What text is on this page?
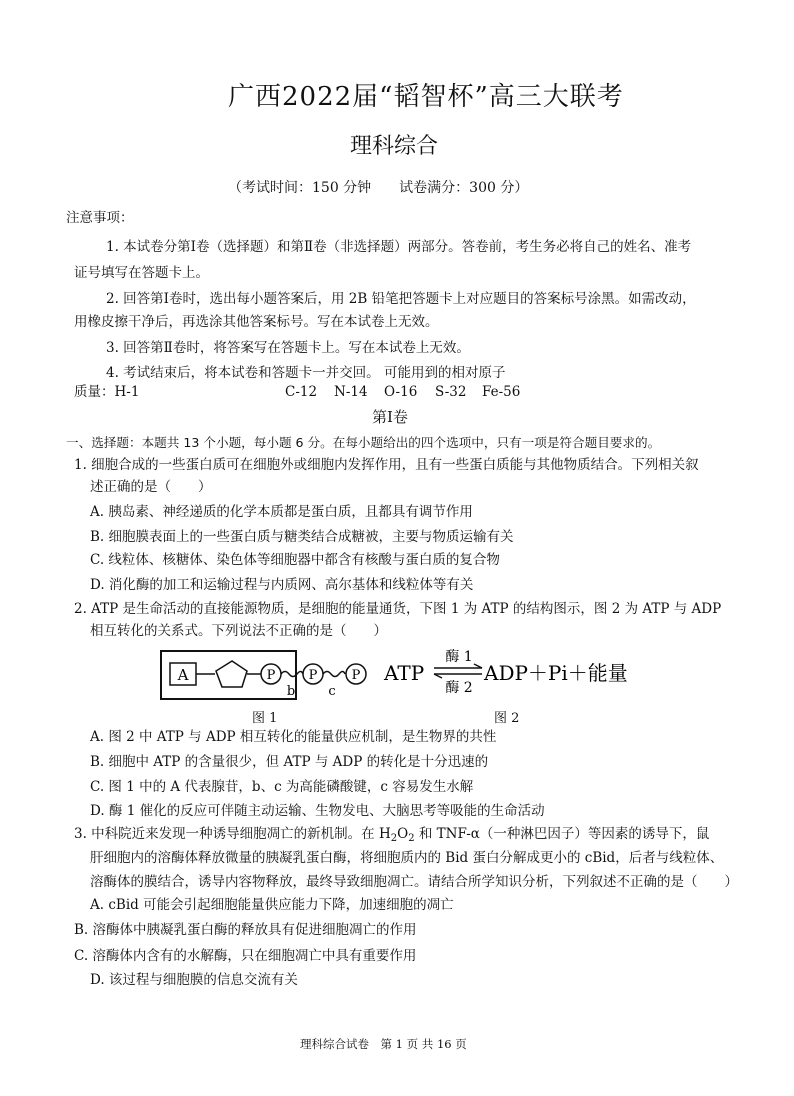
广西2022届“韬智杯”高三大联考
理科综合
（考试时间：150 分钟　　试卷满分：300 分）
注意事项：
1. 本试卷分第Ⅰ卷（选择题）和第Ⅱ卷（非选择题）两部分。答卷前，考生务必将自己的姓名、准考
证号填写在答题卡上。
2. 回答第Ⅰ卷时，选出每小题答案后，用 2B 铅笔把答题卡上对应题目的答案标号涂黑。如需改动，
用橡皮擦干净后，再选涂其他答案标号。写在本试卷上无效。
3. 回答第Ⅱ卷时，将答案写在答题卡上。写在本试卷上无效。
4. 考试结束后，将本试卷和答题卡一并交回。 可能用到的相对原子
质量：H-1	C-12 N-14 O-16 S-32 Fe-56
第Ⅰ卷
一、选择题：本题共 13 个小题，每小题 6 分。在每小题给出的四个选项中，只有一项是符合题目要求的。
1. 细胞合成的一些蛋白质可在细胞外或细胞内发挥作用，且有一些蛋白质能与其他物质结合。下列相关叙
述正确的是（　　）
A. 胰岛素、神经递质的化学本质都是蛋白质，且都具有调节作用
B. 细胞膜表面上的一些蛋白质与糖类结合成糖被，主要与物质运输有关
C. 线粒体、核糖体、染色体等细胞器中都含有核酸与蛋白质的复合物
D. 消化酶的加工和运输过程与内质网、高尔基体和线粒体等有关
2. ATP 是生命活动的直接能源物质，是细胞的能量通货，下图 1 为 ATP 的结构图示，图 2 为 ATP 与 ADP
相互转化的关系式。下列说法不正确的是（　　）
A	P
b
P
c
P
图 1
ATP
酶 1
酶 2
ADP＋Pi＋能量
图 2
A. 图 2 中 ATP 与 ADP 相互转化的能量供应机制，是生物界的共性
B. 细胞中 ATP 的含量很少，但 ATP 与 ADP 的转化是十分迅速的
C. 图 1 中的 A 代表腺苷，b、c 为高能磷酸键，c 容易发生水解
D. 酶 1 催化的反应可伴随主动运输、生物发电、大脑思考等吸能的生命活动
3. 中科院近来发现一种诱导细胞凋亡的新机制。在 $H_2O_2$ 和 TNF-α（一种淋巴因子）等因素的诱导下，鼠
肝细胞内的溶酶体释放微量的胰凝乳蛋白酶，将细胞质内的 Bid 蛋白分解成更小的 cBid，后者与线粒体、
溶酶体的膜结合，诱导内容物释放，最终导致细胞凋亡。请结合所学知识分析，下列叙述不正确的是（　　）
A. cBid 可能会引起细胞能量供应能力下降，加速细胞的凋亡
B. 溶酶体中胰凝乳蛋白酶的释放具有促进细胞凋亡的作用
C. 溶酶体内含有的水解酶，只在细胞凋亡中具有重要作用
D. 该过程与细胞膜的信息交流有关
理科综合试卷　第 1 页 共 16 页
